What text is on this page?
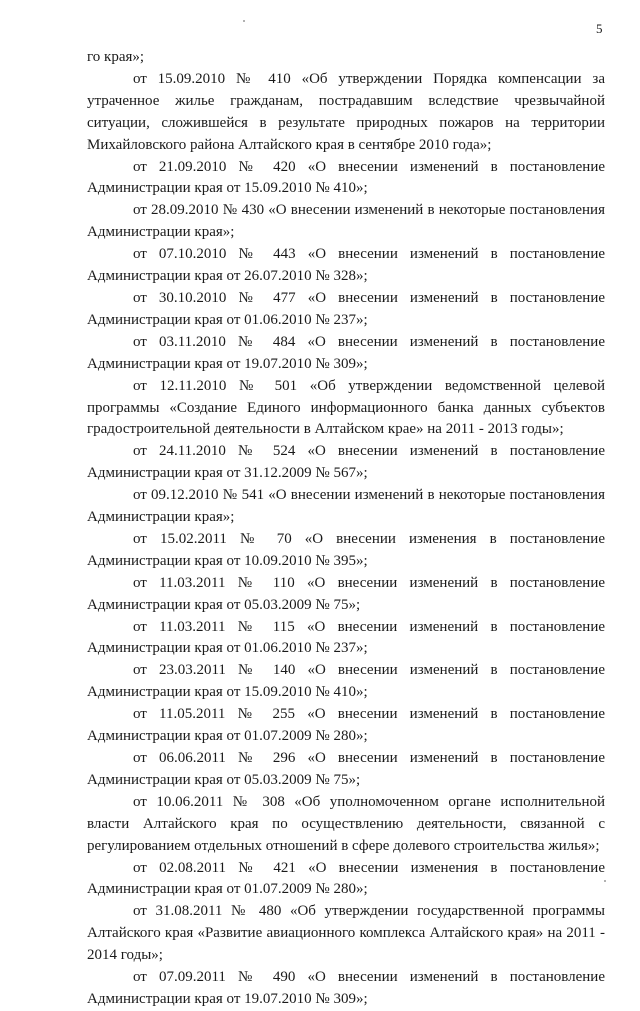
5

го края»;

от 15.09.2010 № 410 «Об утверждении Порядка компенсации за утраченное жилье гражданам, пострадавшим вследствие чрезвычайной ситуации, сложившейся в результате природных пожаров на территории Михайловского района Алтайского края в сентябре 2010 года»;

от 21.09.2010 № 420 «О внесении изменений в постановление Администрации края от 15.09.2010 № 410»;

от 28.09.2010 № 430 «О внесении изменений в некоторые постановления Администрации края»;

от 07.10.2010 № 443 «О внесении изменений в постановление Администрации края от 26.07.2010 № 328»;

от 30.10.2010 № 477 «О внесении изменений в постановление Администрации края от 01.06.2010 № 237»;

от 03.11.2010 № 484 «О внесении изменений в постановление Администрации края от 19.07.2010 № 309»;

от 12.11.2010 № 501 «Об утверждении ведомственной целевой программы «Создание Единого информационного банка данных субъектов градостроительной деятельности в Алтайском крае» на 2011 - 2013 годы»;

от 24.11.2010 № 524 «О внесении изменений в постановление Администрации края от 31.12.2009 № 567»;

от 09.12.2010 № 541 «О внесении изменений в некоторые постановления Администрации края»;

от 15.02.2011 № 70 «О внесении изменения в постановление Администрации края от 10.09.2010 № 395»;

от 11.03.2011 № 110 «О внесении изменений в постановление Администрации края от 05.03.2009 № 75»;

от 11.03.2011 № 115 «О внесении изменений в постановление Администрации края от 01.06.2010 № 237»;

от 23.03.2011 № 140 «О внесении изменений в постановление Администрации края от 15.09.2010 № 410»;

от 11.05.2011 № 255 «О внесении изменений в постановление Администрации края от 01.07.2009 № 280»;

от 06.06.2011 № 296 «О внесении изменений в постановление Администрации края от 05.03.2009 № 75»;

от 10.06.2011 № 308 «Об уполномоченном органе исполнительной власти Алтайского края по осуществлению деятельности, связанной с регулированием отдельных отношений в сфере долевого строительства жилья»;

от 02.08.2011 № 421 «О внесении изменения в постановление Администрации края от 01.07.2009 № 280»;

от 31.08.2011 № 480 «Об утверждении государственной программы Алтайского края «Развитие авиационного комплекса Алтайского края» на 2011 - 2014 годы»;

от 07.09.2011 № 490 «О внесении изменений в постановление Администрации края от 19.07.2010 № 309»;
